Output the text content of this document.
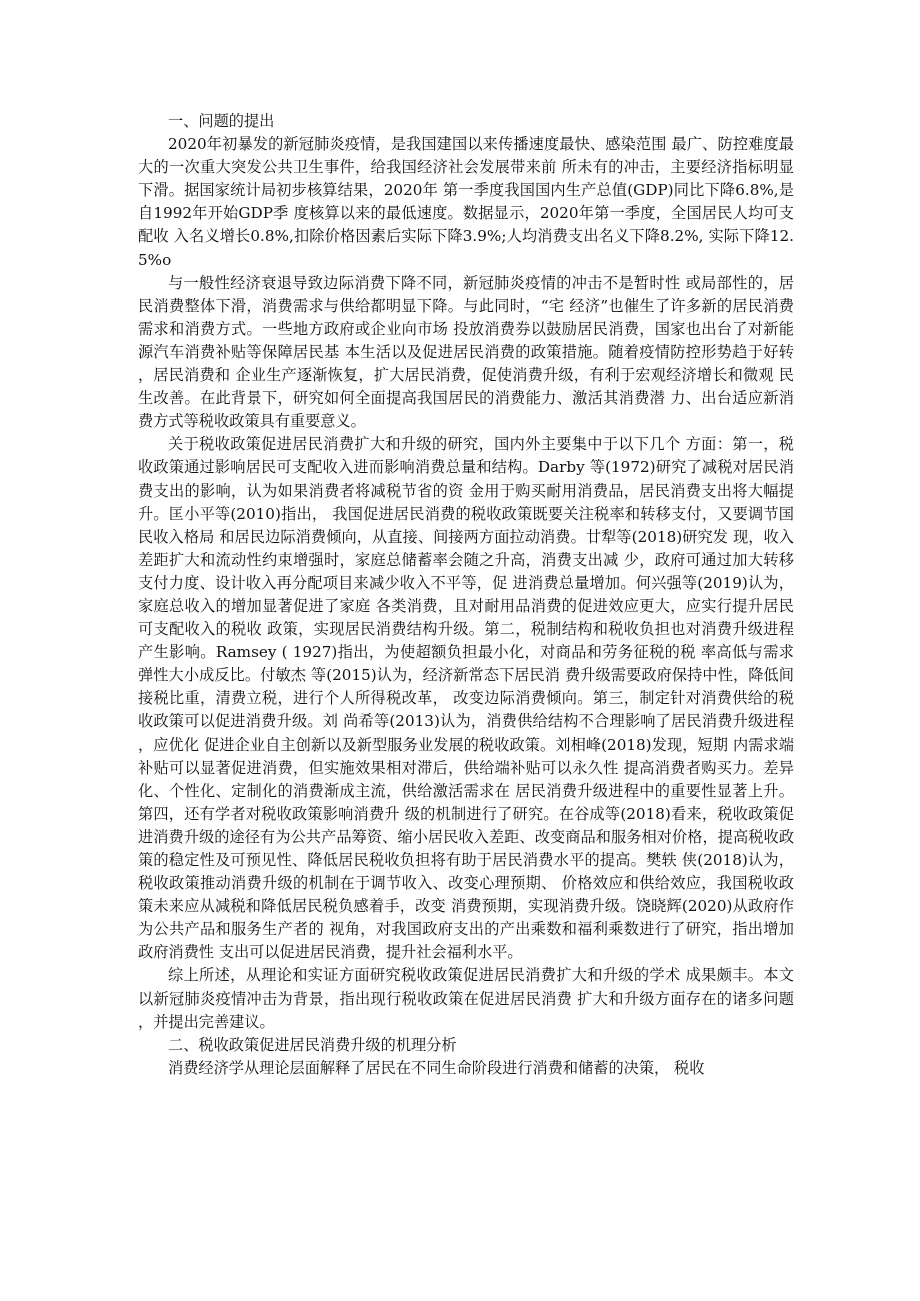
一、问题的提出

2020年初暴发的新冠肺炎疫情，是我国建国以来传播速度最快、感染范围 最广、防控难度最大的一次重大突发公共卫生事件，给我国经济社会发展带来前 所未有的冲击，主要经济指标明显下滑。据国家统计局初步核算结果，2020年 第一季度我国国内生产总值(GDP)同比下降6.8%,是自1992年开始GDP季 度核算以来的最低速度。数据显示，2020年第一季度，全国居民人均可支配收 入名义增长0.8%,扣除价格因素后实际下降3.9%;人均消费支出名义下降8.2%, 实际下降12.5%o

与一般性经济衰退导致边际消费下降不同，新冠肺炎疫情的冲击不是暂时性 或局部性的，居民消费整体下滑，消费需求与供给都明显下降。与此同时，“宅 经济”也催生了许多新的居民消费需求和消费方式。一些地方政府或企业向市场 投放消费券以鼓励居民消费，国家也出台了对新能源汽车消费补贴等保障居民基 本生活以及促进居民消费的政策措施。随着疫情防控形势趋于好转，居民消费和 企业生产逐渐恢复，扩大居民消费，促使消费升级，有利于宏观经济增长和微观 民生改善。在此背景下，研究如何全面提高我国居民的消费能力、激活其消费潜 力、出台适应新消费方式等税收政策具有重要意义。

关于税收政策促进居民消费扩大和升级的研究，国内外主要集中于以下几个 方面：第一，税收政策通过影响居民可支配收入进而影响消费总量和结构。Darby 等(1972)研究了减税对居民消费支出的影响，认为如果消费者将减税节省的资 金用于购买耐用消费品，居民消费支出将大幅提升。匡小平等(2010)指出， 我国促进居民消费的税收政策既要关注税率和转移支付，又要调节国民收入格局 和居民边际消费倾向，从直接、间接两方面拉动消费。廿犁等(2018)研究发 现，收入差距扩大和流动性约束增强时，家庭总储蓄率会随之升高，消费支出减 少，政府可通过加大转移支付力度、设计收入再分配项目来减少收入不平等，促 进消费总量增加。何兴强等(2019)认为，家庭总收入的增加显著促进了家庭 各类消费，且对耐用品消费的促进效应更大，应实行提升居民可支配收入的税收 政策，实现居民消费结构升级。第二，税制结构和税收负担也对消费升级进程产生影响。Ramsey ( 1927)指出，为使超额负担最小化，对商品和劳务征税的税 率高低与需求弹性大小成反比。付敏杰 等(2015)认为，经济新常态下居民消 费升级需要政府保持中性，降低间接税比重，清费立税，进行个人所得税改革， 改变边际消费倾向。第三，制定针对消费供给的税收政策可以促进消费升级。刘 尚希等(2013)认为，消费供给结构不合理影响了居民消费升级进程，应优化 促进企业自主创新以及新型服务业发展的税收政策。刘相峰(2018)发现，短期 内需求端补贴可以显著促进消费，但实施效果相对滞后，供给端补贴可以永久性 提高消费者购买力。差异化、个性化、定制化的消费渐成主流，供给激活需求在 居民消费升级进程中的重要性显著上升。第四，还有学者对税收政策影响消费升 级的机制进行了研究。在谷成等(2018)看来，税收政策促进消费升级的途径有为公共产品筹资、缩小居民收入差距、改变商品和服务相对价格，提高税收政 策的稳定性及可预见性、降低居民税收负担将有助于居民消费水平的提高。樊轶 侠(2018)认为，税收政策推动消费升级的机制在于调节收入、改变心理预期、 价格效应和供给效应，我国税收政策未来应从减税和降低居民税负感着手，改变 消费预期，实现消费升级。饶晓辉(2020)从政府作为公共产品和服务生产者的 视角，对我国政府支出的产出乘数和福利乘数进行了研究，指出增加政府消费性 支出可以促进居民消费，提升社会福利水平。

综上所述，从理论和实证方面研究税收政策促进居民消费扩大和升级的学术 成果颇丰。本文以新冠肺炎疫情冲击为背景，指出现行税收政策在促进居民消费 扩大和升级方面存在的诸多问题，并提出完善建议。

二、税收政策促进居民消费升级的机理分析

消费经济学从理论层面解释了居民在不同生命阶段进行消费和储蓄的决策， 税收
